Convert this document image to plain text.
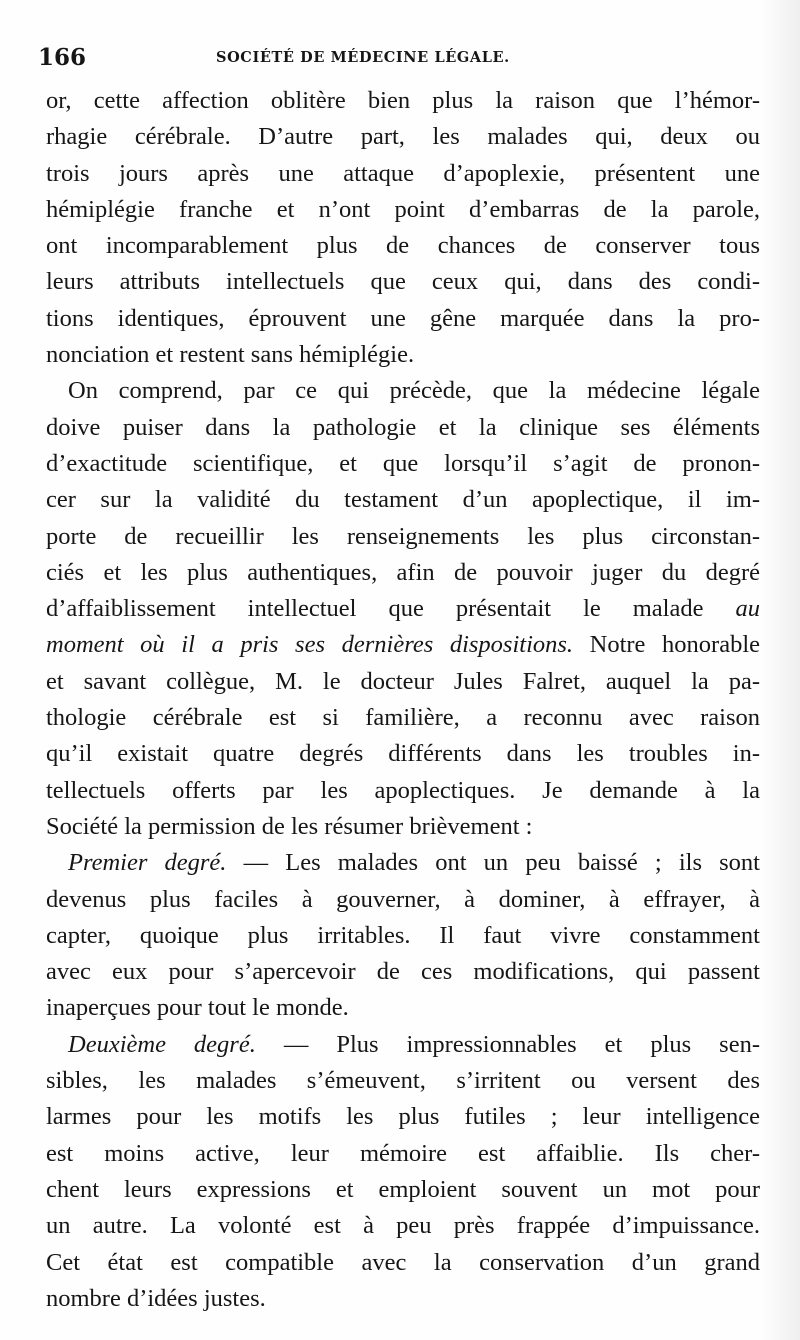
166	SOCIÉTÉ DE MÉDECINE LÉGALE.
or, cette affection oblitère bien plus la raison que l’hémor-
rhagie cérébrale. D’autre part, les malades qui, deux ou
trois jours après une attaque d’apoplexie, présentent une
hémiplégie franche et n’ont point d’embarras de la parole,
ont incomparablement plus de chances de conserver tous
leurs attributs intellectuels que ceux qui, dans des condi-
tions identiques, éprouvent une gêne marquée dans la pro-
nonciation et restent sans hémiplégie.
On comprend, par ce qui précède, que la médecine légale
doive puiser dans la pathologie et la clinique ses éléments
d’exactitude scientifique, et que lorsqu’il s’agit de pronon-
cer sur la validité du testament d’un apoplectique, il im-
porte de recueillir les renseignements les plus circonstan-
ciés et les plus authentiques, afin de pouvoir juger du degré
d’affaiblissement intellectuel que présentait le malade au
moment où il a pris ses dernières dispositions. Notre honorable
et savant collègue, M. le docteur Jules Falret, auquel la pa-
thologie cérébrale est si familière, a reconnu avec raison
qu’il existait quatre degrés différents dans les troubles in-
tellectuels offerts par les apoplectiques. Je demande à la
Société la permission de les résumer brièvement :
Premier degré. — Les malades ont un peu baissé ; ils sont
devenus plus faciles à gouverner, à dominer, à effrayer, à
capter, quoique plus irritables. Il faut vivre constamment
avec eux pour s’apercevoir de ces modifications, qui passent
inaperçues pour tout le monde.
Deuxième degré. — Plus impressionnables et plus sen-
sibles, les malades s’émeuvent, s’irritent ou versent des
larmes pour les motifs les plus futiles ; leur intelligence
est moins active, leur mémoire est affaiblie. Ils cher-
chent leurs expressions et emploient souvent un mot pour
un autre. La volonté est à peu près frappée d’impuissance.
Cet état est compatible avec la conservation d’un grand
nombre d’idées justes.
